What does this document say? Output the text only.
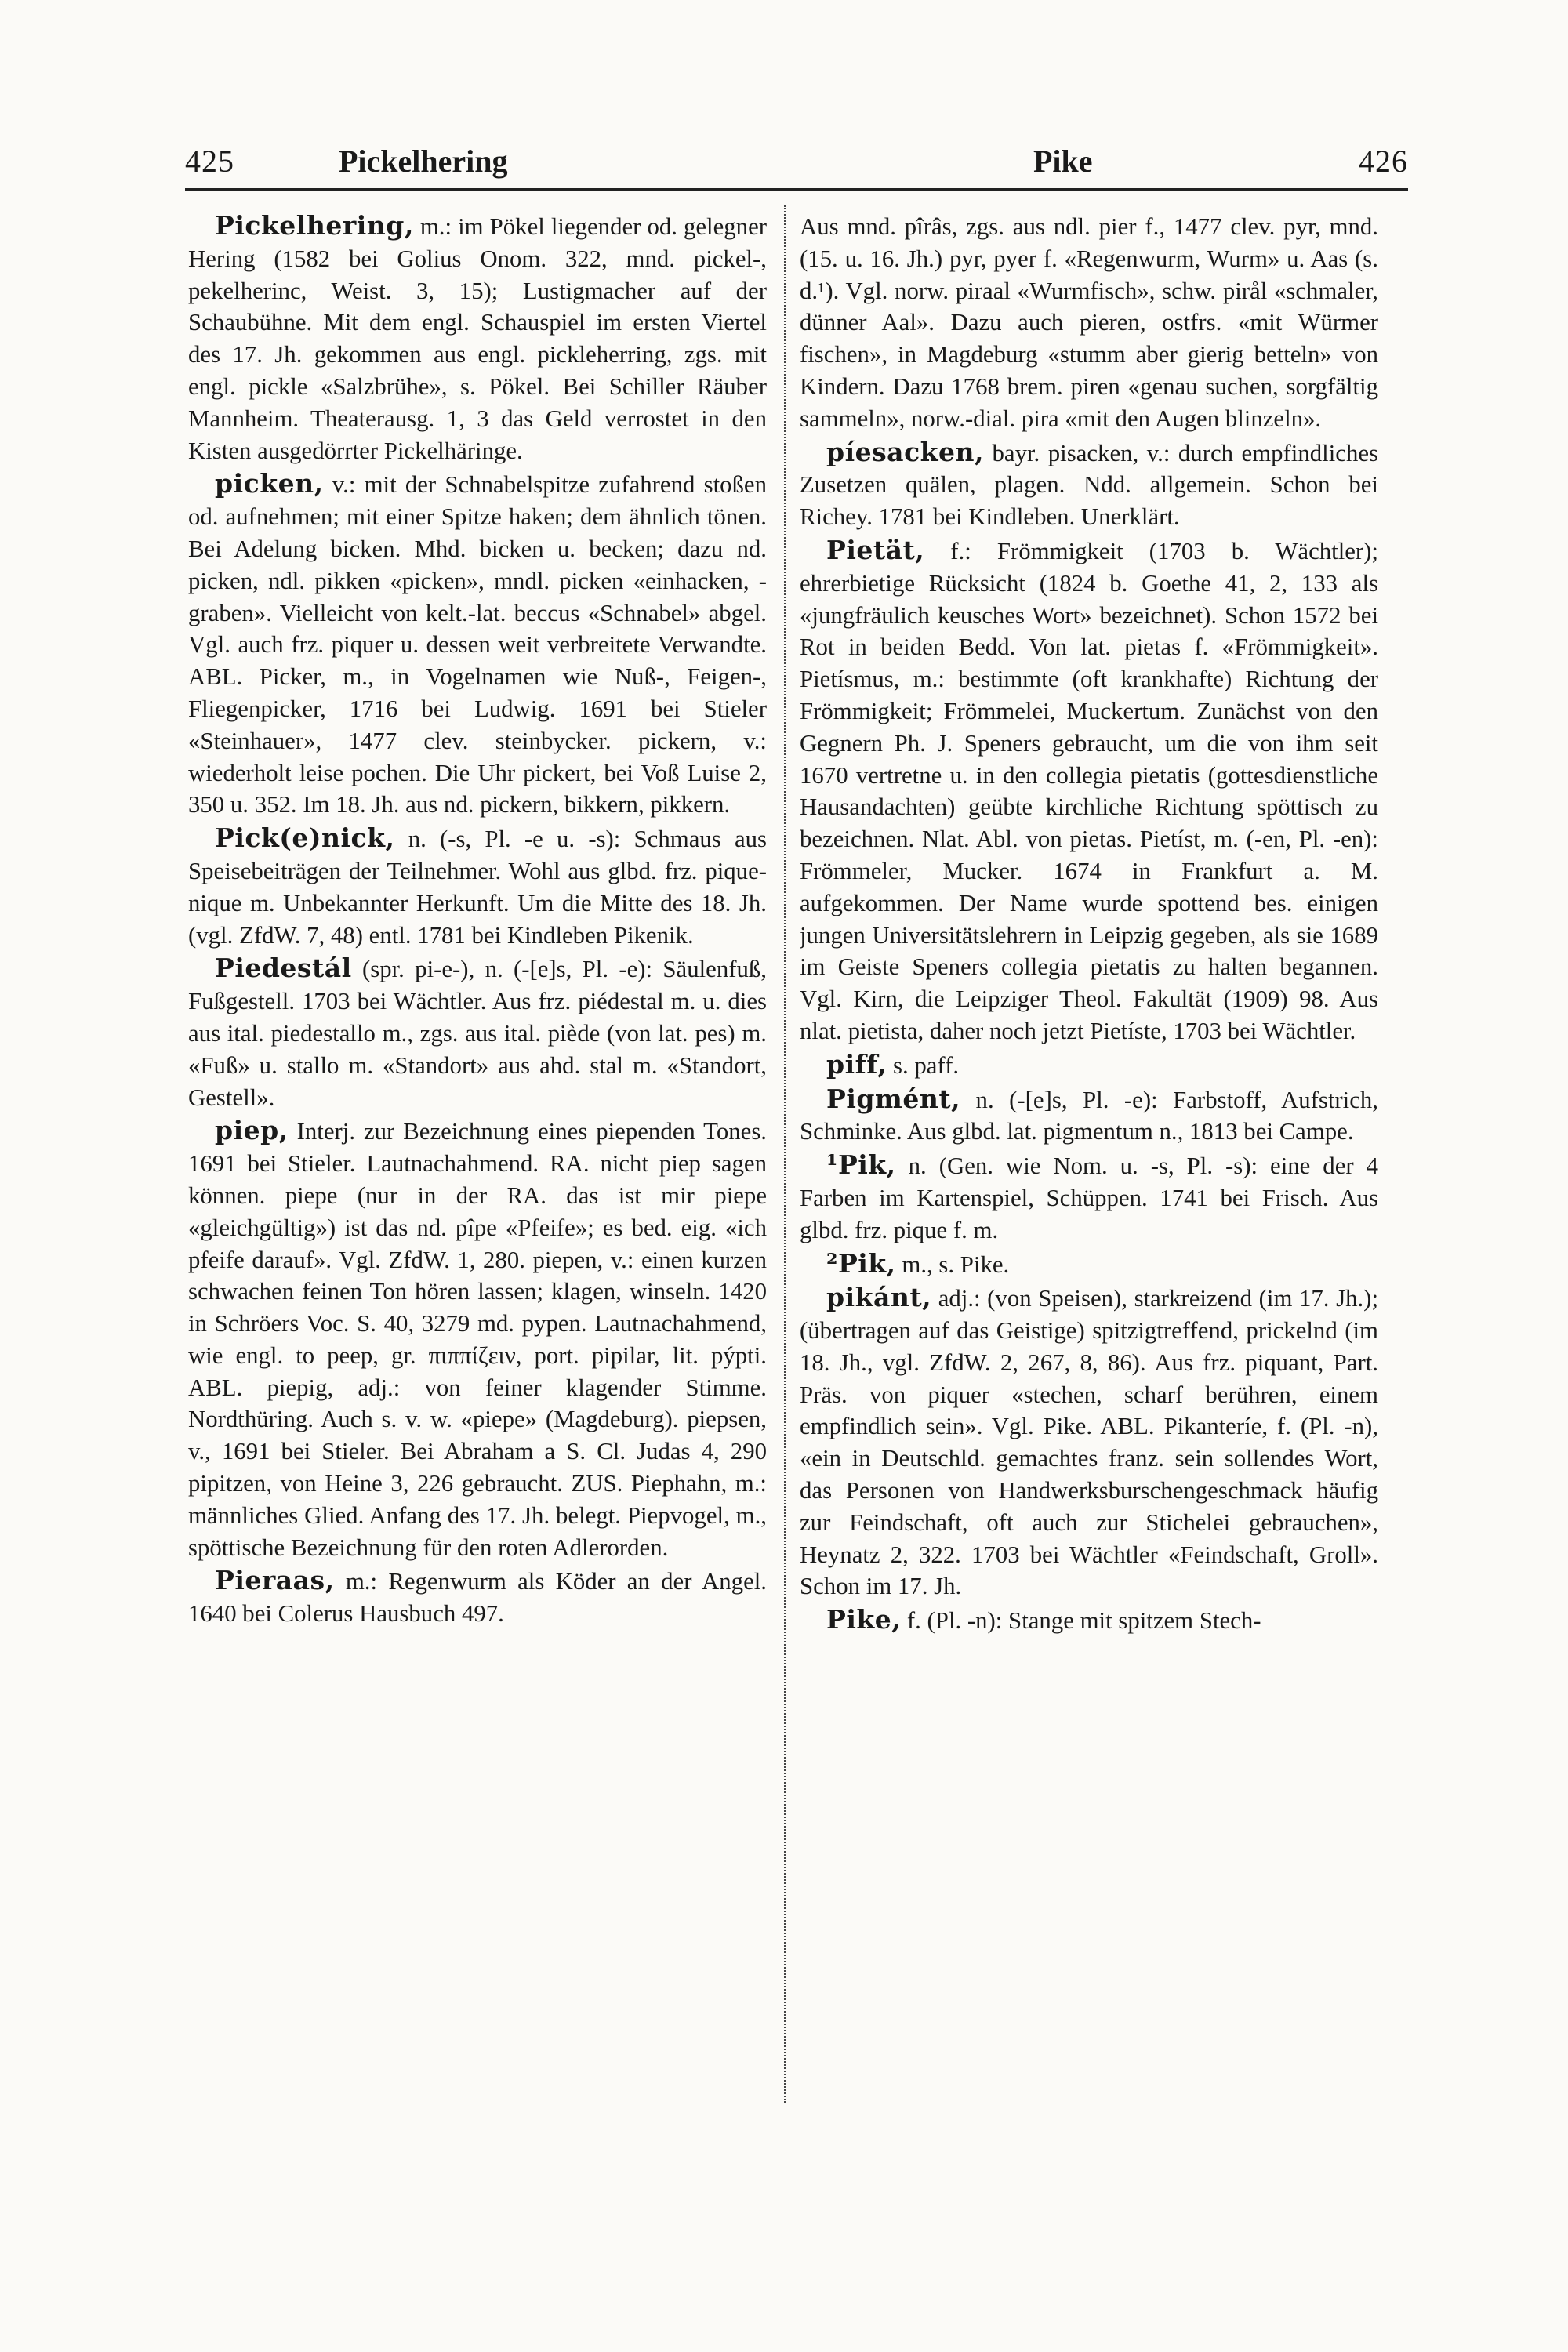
425	Pickelhering	Pike	426

Pickelhering, m.: im Pökel liegender od. gelegner Hering (1582 bei Golius Onom. 322, mnd. pickel-, pekelherinc, Weist. 3, 15); Lustigmacher auf der Schaubühne. Mit dem engl. Schauspiel im ersten Viertel des 17. Jh. gekommen aus engl. pickleherring, zgs. mit engl. pickle «Salzbrühe», s. Pökel. Bei Schiller Räuber Mannheim. Theaterausg. 1, 3 das Geld verrostet in den Kisten ausgedörrter Pickelhäringe.

picken, v.: mit der Schnabelspitze zufahrend stoßen od. aufnehmen; mit einer Spitze haken; dem ähnlich tönen. Bei Adelung bicken. Mhd. bicken u. becken; dazu nd. picken, ndl. pikken «picken», mndl. picken «einhacken, -graben». Vielleicht von kelt.-lat. beccus «Schnabel» abgel. Vgl. auch frz. piquer u. dessen weit verbreitete Verwandte. ABL. Picker, m., in Vogelnamen wie Nuß-, Feigen-, Fliegenpicker, 1716 bei Ludwig. 1691 bei Stieler «Steinhauer», 1477 clev. steinbycker. pickern, v.: wiederholt leise pochen. Die Uhr pickert, bei Voß Luise 2, 350 u. 352. Im 18. Jh. aus nd. pickern, bikkern, pikkern.

Pick(e)nick, n. (-s, Pl. -e u. -s): Schmaus aus Speisebeiträgen der Teilnehmer. Wohl aus glbd. frz. pique-nique m. Unbekannter Herkunft. Um die Mitte des 18. Jh. (vgl. ZfdW. 7, 48) entl. 1781 bei Kindleben Pikenik.

Piedestál (spr. pi-e-), n. (-[e]s, Pl. -e): Säulenfuß, Fußgestell. 1703 bei Wächtler. Aus frz. piédestal m. u. dies aus ital. piedestallo m., zgs. aus ital. piède (von lat. pes) m. «Fuß» u. stallo m. «Standort» aus ahd. stal m. «Standort, Gestell».

piep, Interj. zur Bezeichnung eines piependen Tones. 1691 bei Stieler. Lautnachahmend. RA. nicht piep sagen können. piepe (nur in der RA. das ist mir piepe «gleichgültig») ist das nd. pîpe «Pfeife»; es bed. eig. «ich pfeife darauf». Vgl. ZfdW. 1, 280. piepen, v.: einen kurzen schwachen feinen Ton hören lassen; klagen, winseln. 1420 in Schröers Voc. S. 40, 3279 md. pypen. Lautnachahmend, wie engl. to peep, gr. πιππίζειν, port. pipilar, lit. pýpti. ABL. piepig, adj.: von feiner klagender Stimme. Nordthüring. Auch s. v. w. «piepe» (Magdeburg). piepsen, v., 1691 bei Stieler. Bei Abraham a S. Cl. Judas 4, 290 pipitzen, von Heine 3, 226 gebraucht. ZUS. Piephahn, m.: männliches Glied. Anfang des 17. Jh. belegt. Piepvogel, m., spöttische Bezeichnung für den roten Adlerorden.

Pieraas, m.: Regenwurm als Köder an der Angel. 1640 bei Colerus Hausbuch 497.

Aus mnd. pîrâs, zgs. aus ndl. pier f., 1477 clev. pyr, mnd. (15. u. 16. Jh.) pyr, pyer f. «Regenwurm, Wurm» u. Aas (s. d.¹). Vgl. norw. piraal «Wurmfisch», schw. pirål «schmaler, dünner Aal». Dazu auch pieren, ostfrs. «mit Würmer fischen», in Magdeburg «stumm aber gierig betteln» von Kindern. Dazu 1768 brem. piren «genau suchen, sorgfältig sammeln», norw.-dial. pira «mit den Augen blinzeln».

píesacken, bayr. pisacken, v.: durch empfindliches Zusetzen quälen, plagen. Ndd. allgemein. Schon bei Richey. 1781 bei Kindleben. Unerklärt.

Pietät, f.: Frömmigkeit (1703 b. Wächtler); ehrerbietige Rücksicht (1824 b. Goethe 41, 2, 133 als «jungfräulich keusches Wort» bezeichnet). Schon 1572 bei Rot in beiden Bedd. Von lat. pietas f. «Frömmigkeit». Pietísmus, m.: bestimmte (oft krankhafte) Richtung der Frömmigkeit; Frömmelei, Muckertum. Zunächst von den Gegnern Ph. J. Speners gebraucht, um die von ihm seit 1670 vertretne u. in den collegia pietatis (gottesdienstliche Hausandachten) geübte kirchliche Richtung spöttisch zu bezeichnen. Nlat. Abl. von pietas. Pietíst, m. (-en, Pl. -en): Frömmeler, Mucker. 1674 in Frankfurt a. M. aufgekommen. Der Name wurde spottend bes. einigen jungen Universitätslehrern in Leipzig gegeben, als sie 1689 im Geiste Speners collegia pietatis zu halten begannen. Vgl. Kirn, die Leipziger Theol. Fakultät (1909) 98. Aus nlat. pietista, daher noch jetzt Pietíste, 1703 bei Wächtler.

piff, s. paff.

Pigmént, n. (-[e]s, Pl. -e): Farbstoff, Aufstrich, Schminke. Aus glbd. lat. pigmentum n., 1813 bei Campe.

¹Pik, n. (Gen. wie Nom. u. -s, Pl. -s): eine der 4 Farben im Kartenspiel, Schüppen. 1741 bei Frisch. Aus glbd. frz. pique f. m.

²Pik, m., s. Pike.

pikánt, adj.: (von Speisen), starkreizend (im 17. Jh.); (übertragen auf das Geistige) spitzigtreffend, prickelnd (im 18. Jh., vgl. ZfdW. 2, 267, 8, 86). Aus frz. piquant, Part. Präs. von piquer «stechen, scharf berühren, einem empfindlich sein». Vgl. Pike. ABL. Pikanteríe, f. (Pl. -n), «ein in Deutschld. gemachtes franz. sein sollendes Wort, das Personen von Handwerksburschengeschmack häufig zur Feindschaft, oft auch zur Stichelei gebrauchen», Heynatz 2, 322. 1703 bei Wächtler «Feindschaft, Groll». Schon im 17. Jh.

Pike, f. (Pl. -n): Stange mit spitzem Stech-
